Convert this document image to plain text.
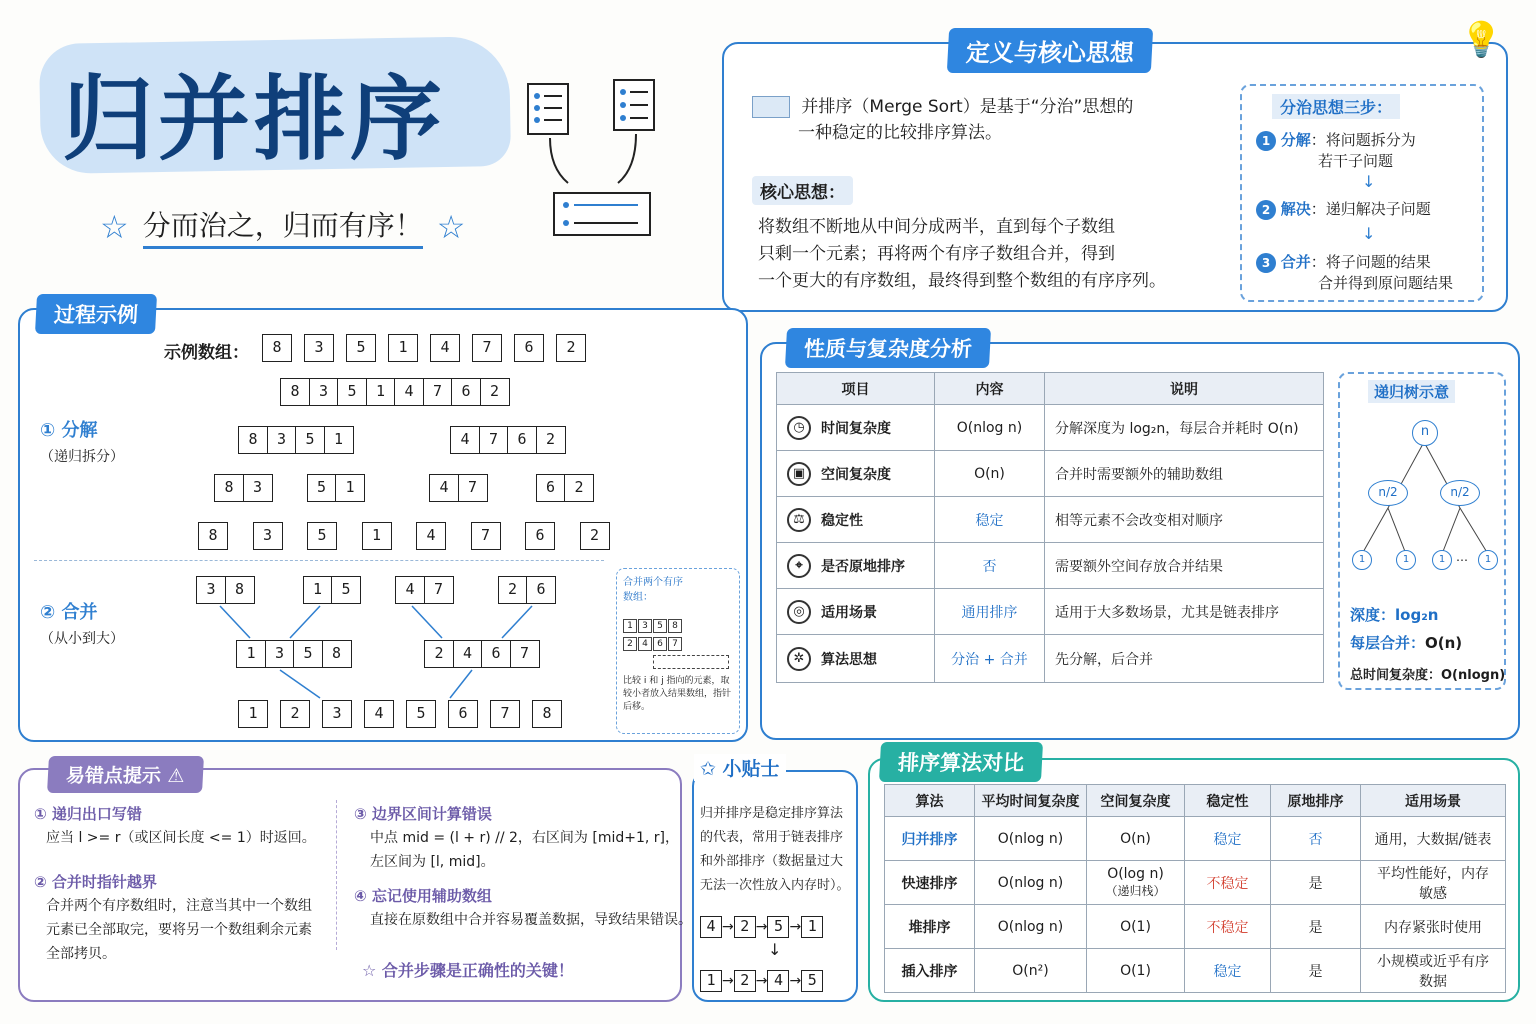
归并排序
☆ 分而治之，归而有序！ ☆
定义与核心思想	💡
并排序（Merge Sort）是基于“分治”思想的
一种稳定的比较排序算法。
核心思想：
将数组不断地从中间分成两半，直到每个子数组
只剩一个元素；再将两个有序子数组合并，得到
一个更大的有序数组，最终得到整个数组的有序序列。
分治思想三步：
1 分解：将问题拆分为
若干子问题
↓
2 解决：递归解决子问题
↓
3 合并：将子问题的结果
合并得到原问题结果
过程示例
示例数组：	8	3	5	1	4	7	6	2
8	3	5	1	4	7	6	2
① 分解
（递归拆分）
8	3	5	1	4	7	6	2
8	3	5	1	4	7	6	2
8	3	5	1	4	7	6	2
② 合并
（从小到大）
3	8	1	5	4	7	2	6
1	3	5	8	2	4	6	7
1	2	3	4	5	6	7	8
合并两个有序数组：
1	3	5	8
2	4	6	7
比较 i 和 j 指向的元素，取较小者放入结果数组，指针后移。
性质与复杂度分析
项目	内容	说明

◷ 时间复杂度	O(nlog n)	分解深度为 log₂n，每层合并耗时 O(n)

▣ 空间复杂度	O(n)	合并时需要额外的辅助数组

⚖ 稳定性	稳定	相等元素不会改变相对顺序

⌖ 是否原地排序	否	需要额外空间存放合并结果

◎ 适用场景	通用排序	适用于大多数场景，尤其是链表排序

✲ 算法思想	分治 + 合并	先分解，后合并
递归树示意
n
n/2	n/2
1	1	1 …	1
深度：log₂n
每层合并：O(n)
总时间复杂度：O(nlogn)
易错点提示 ⚠
① 递归出口写错
应当 l >= r（或区间长度 <= 1）时返回。
② 合并时指针越界
合并两个有序数组时，注意当其中一个数组
元素已全部取完，要将另一个数组剩余元素
全部拷贝。
③ 边界区间计算错误
中点 mid = (l + r) // 2，右区间为 [mid+1, r]，
左区间为 [l, mid]。
④ 忘记使用辅助数组
直接在原数组中合并容易覆盖数据，导致结果错误。
☆ 合并步骤是正确性的关键！
✩ 小贴士
归并排序是稳定排序算法
的代表，常用于链表排序
和外部排序（数据量过大
无法一次性放入内存时）。
4 → 2 → 5 → 1
↓
1 → 2 → 4 → 5
排序算法对比
算法	平均时间复杂度	空间复杂度	稳定性	原地排序	适用场景
归并排序	O(nlog n)	O(n)	稳定	否	通用，大数据/链表
快速排序	O(nlog n)	O(log n)
（递归栈）	不稳定	是	平均性能好，内存敏感
堆排序	O(nlog n)	O(1)	不稳定	是	内存紧张时使用
插入排序	O(n²)	O(1)	稳定	是	小规模或近乎有序数据
